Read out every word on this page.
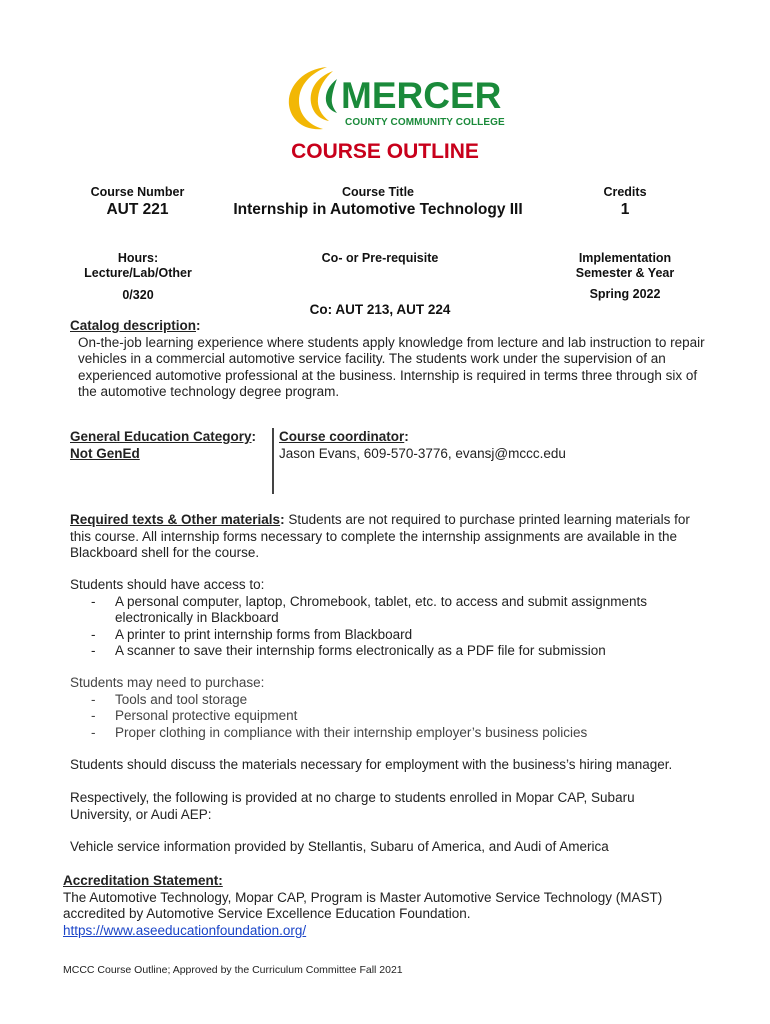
MERCER
COUNTY COMMUNITY COLLEGE
COURSE OUTLINE
Course Number
AUT 221
Course Title
Internship in Automotive Technology III
Credits
1
Hours:
Lecture/Lab/Other
0/320
Co- or Pre-requisite
Co: AUT 213, AUT 224
Implementation
Semester & Year
Spring 2022
Catalog description:
On-the-job learning experience where students apply knowledge from lecture and lab instruction to repair vehicles in a commercial automotive service facility. The students work under the supervision of an experienced automotive professional at the business. Internship is required in terms three through six of the automotive technology degree program.
General Education Category:
Not GenEd
Course coordinator:
Jason Evans, 609-570-3776, evansj@mccc.edu
Required texts & Other materials: Students are not required to purchase printed learning materials for this course. All internship forms necessary to complete the internship assignments are available in the Blackboard shell for the course.
Students should have access to:
- A personal computer, laptop, Chromebook, tablet, etc. to access and submit assignments electronically in Blackboard
- A printer to print internship forms from Blackboard
- A scanner to save their internship forms electronically as a PDF file for submission
Students may need to purchase:
- Tools and tool storage
- Personal protective equipment
- Proper clothing in compliance with their internship employer’s business policies
Students should discuss the materials necessary for employment with the business’s hiring manager.
Respectively, the following is provided at no charge to students enrolled in Mopar CAP, Subaru University, or Audi AEP:
Vehicle service information provided by Stellantis, Subaru of America, and Audi of America
Accreditation Statement:
The Automotive Technology, Mopar CAP, Program is Master Automotive Service Technology (MAST) accredited by Automotive Service Excellence Education Foundation.
https://www.aseeducationfoundation.org/
MCCC Course Outline; Approved by the Curriculum Committee Fall 2021
